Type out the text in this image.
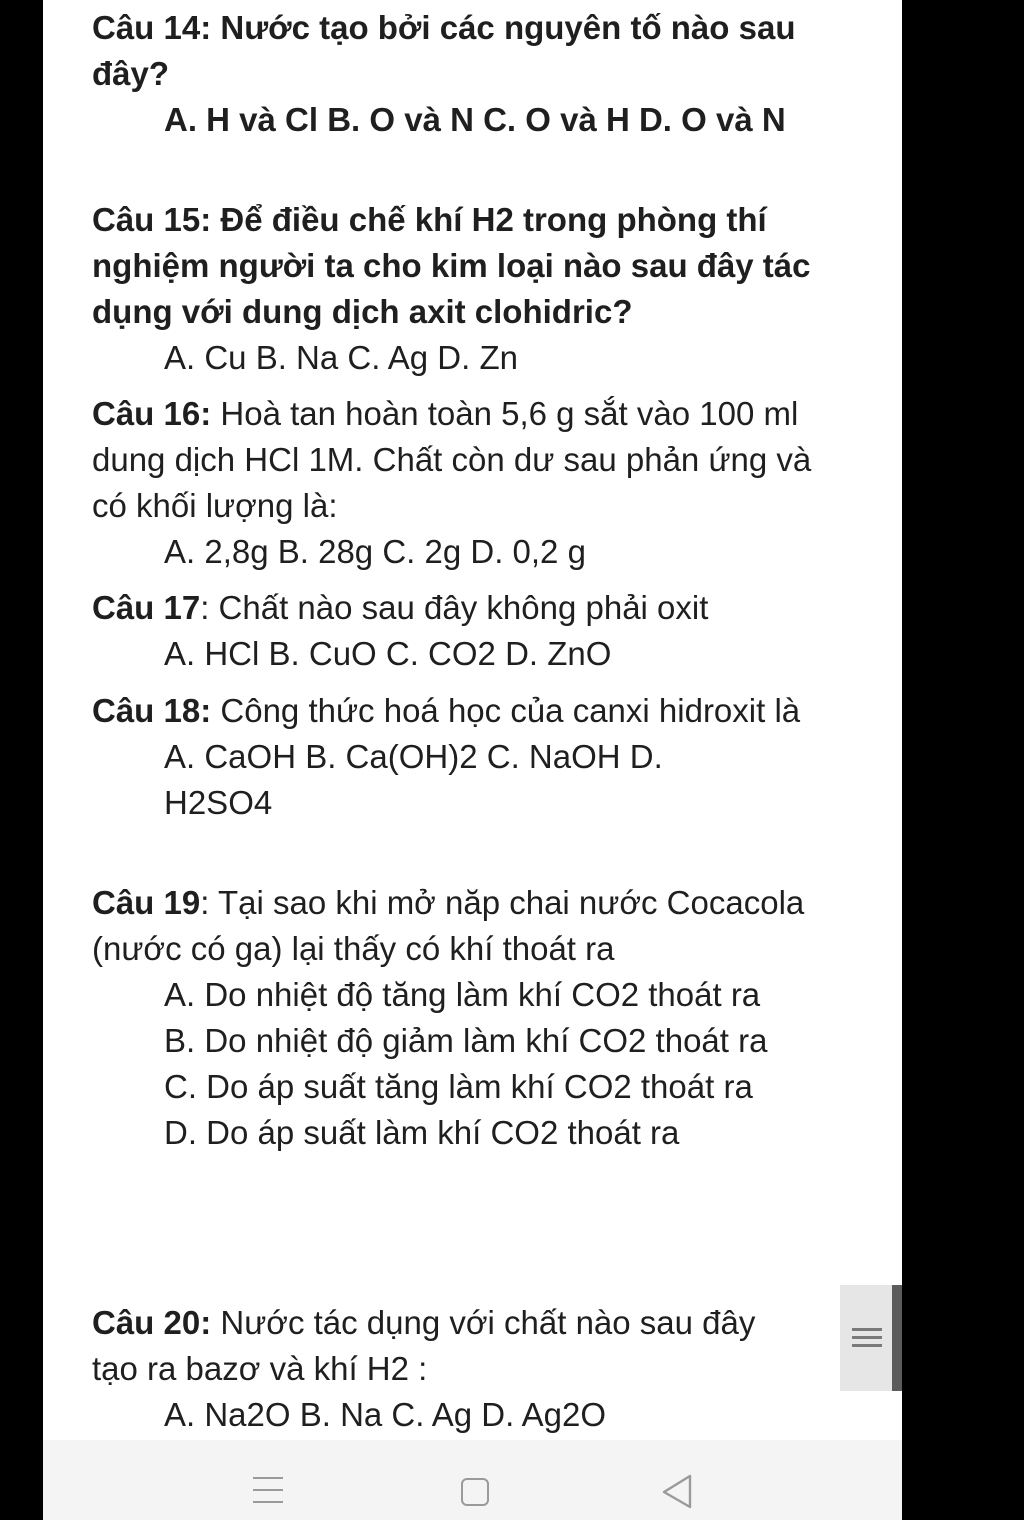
Câu 14: Nước tạo bởi các nguyên tố nào sau đây?

A. H và Cl B. O và N C. O và H D. O và N

Câu 15: Để điều chế khí H2 trong phòng thí nghiệm người ta cho kim loại nào sau đây tác dụng với dung dịch axit clohidric?

A. Cu B. Na C. Ag D. Zn

Câu 16: Hoà tan hoàn toàn 5,6 g sắt vào 100 ml dung dịch HCl 1M. Chất còn dư sau phản ứng và có khối lượng là:

A. 2,8g B. 28g C. 2g D. 0,2 g

Câu 17: Chất nào sau đây không phải oxit

A. HCl B. CuO C. CO2 D. ZnO

Câu 18: Công thức hoá học của canxi hidroxit là

A. CaOH B. Ca(OH)2 C. NaOH D. H2SO4

Câu 19: Tại sao khi mở năp chai nước Cocacola (nước có ga) lại thấy có khí thoát ra

A. Do nhiệt độ tăng làm khí CO2 thoát ra

B. Do nhiệt độ giảm làm khí CO2 thoát ra

C. Do áp suất tăng làm khí CO2 thoát ra

D. Do áp suất làm khí CO2 thoát ra

Câu 20: Nước tác dụng với chất nào sau đây tạo ra bazơ và khí H2 :

A. Na2O B. Na C. Ag D. Ag2O
